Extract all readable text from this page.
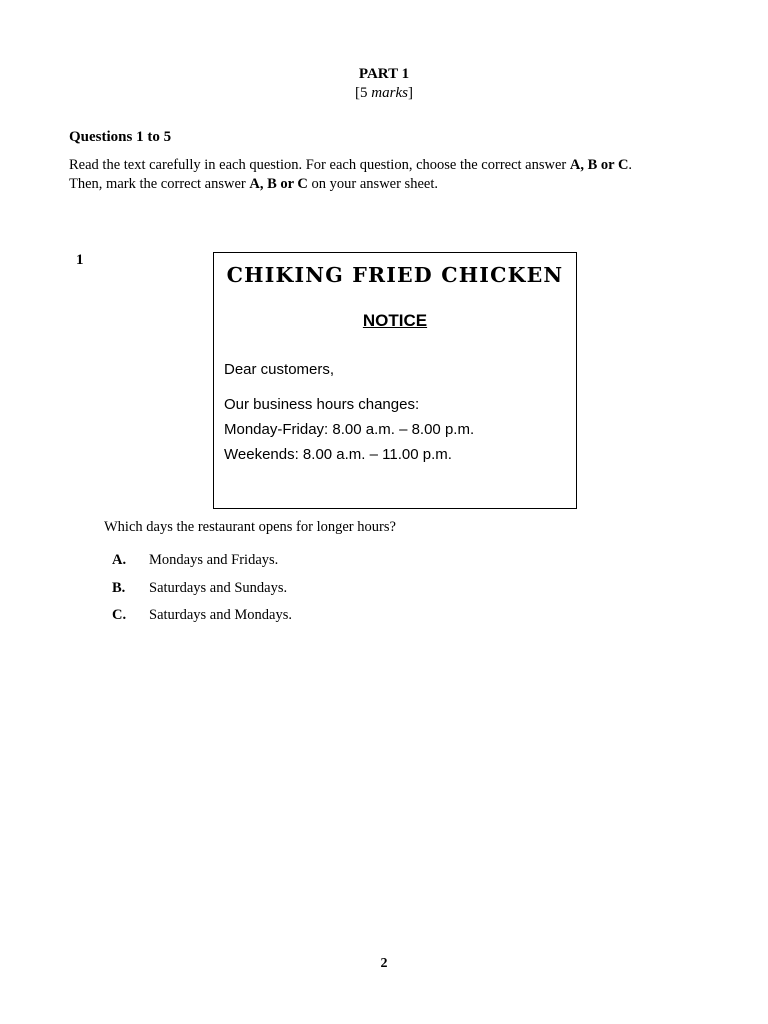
PART 1
[5 marks]
Questions 1 to 5
Read the text carefully in each question. For each question, choose the correct answer A, B or C.
Then, mark the correct answer A, B or C on your answer sheet.
1
CHIKING FRIED CHICKEN
NOTICE
Dear customers,
Our business hours changes:
Monday-Friday: 8.00 a.m. – 8.00 p.m.
Weekends: 8.00 a.m. – 11.00 p.m.
Which days the restaurant opens for longer hours?
A. Mondays and Fridays.
B. Saturdays and Sundays.
C. Saturdays and Mondays.
2
